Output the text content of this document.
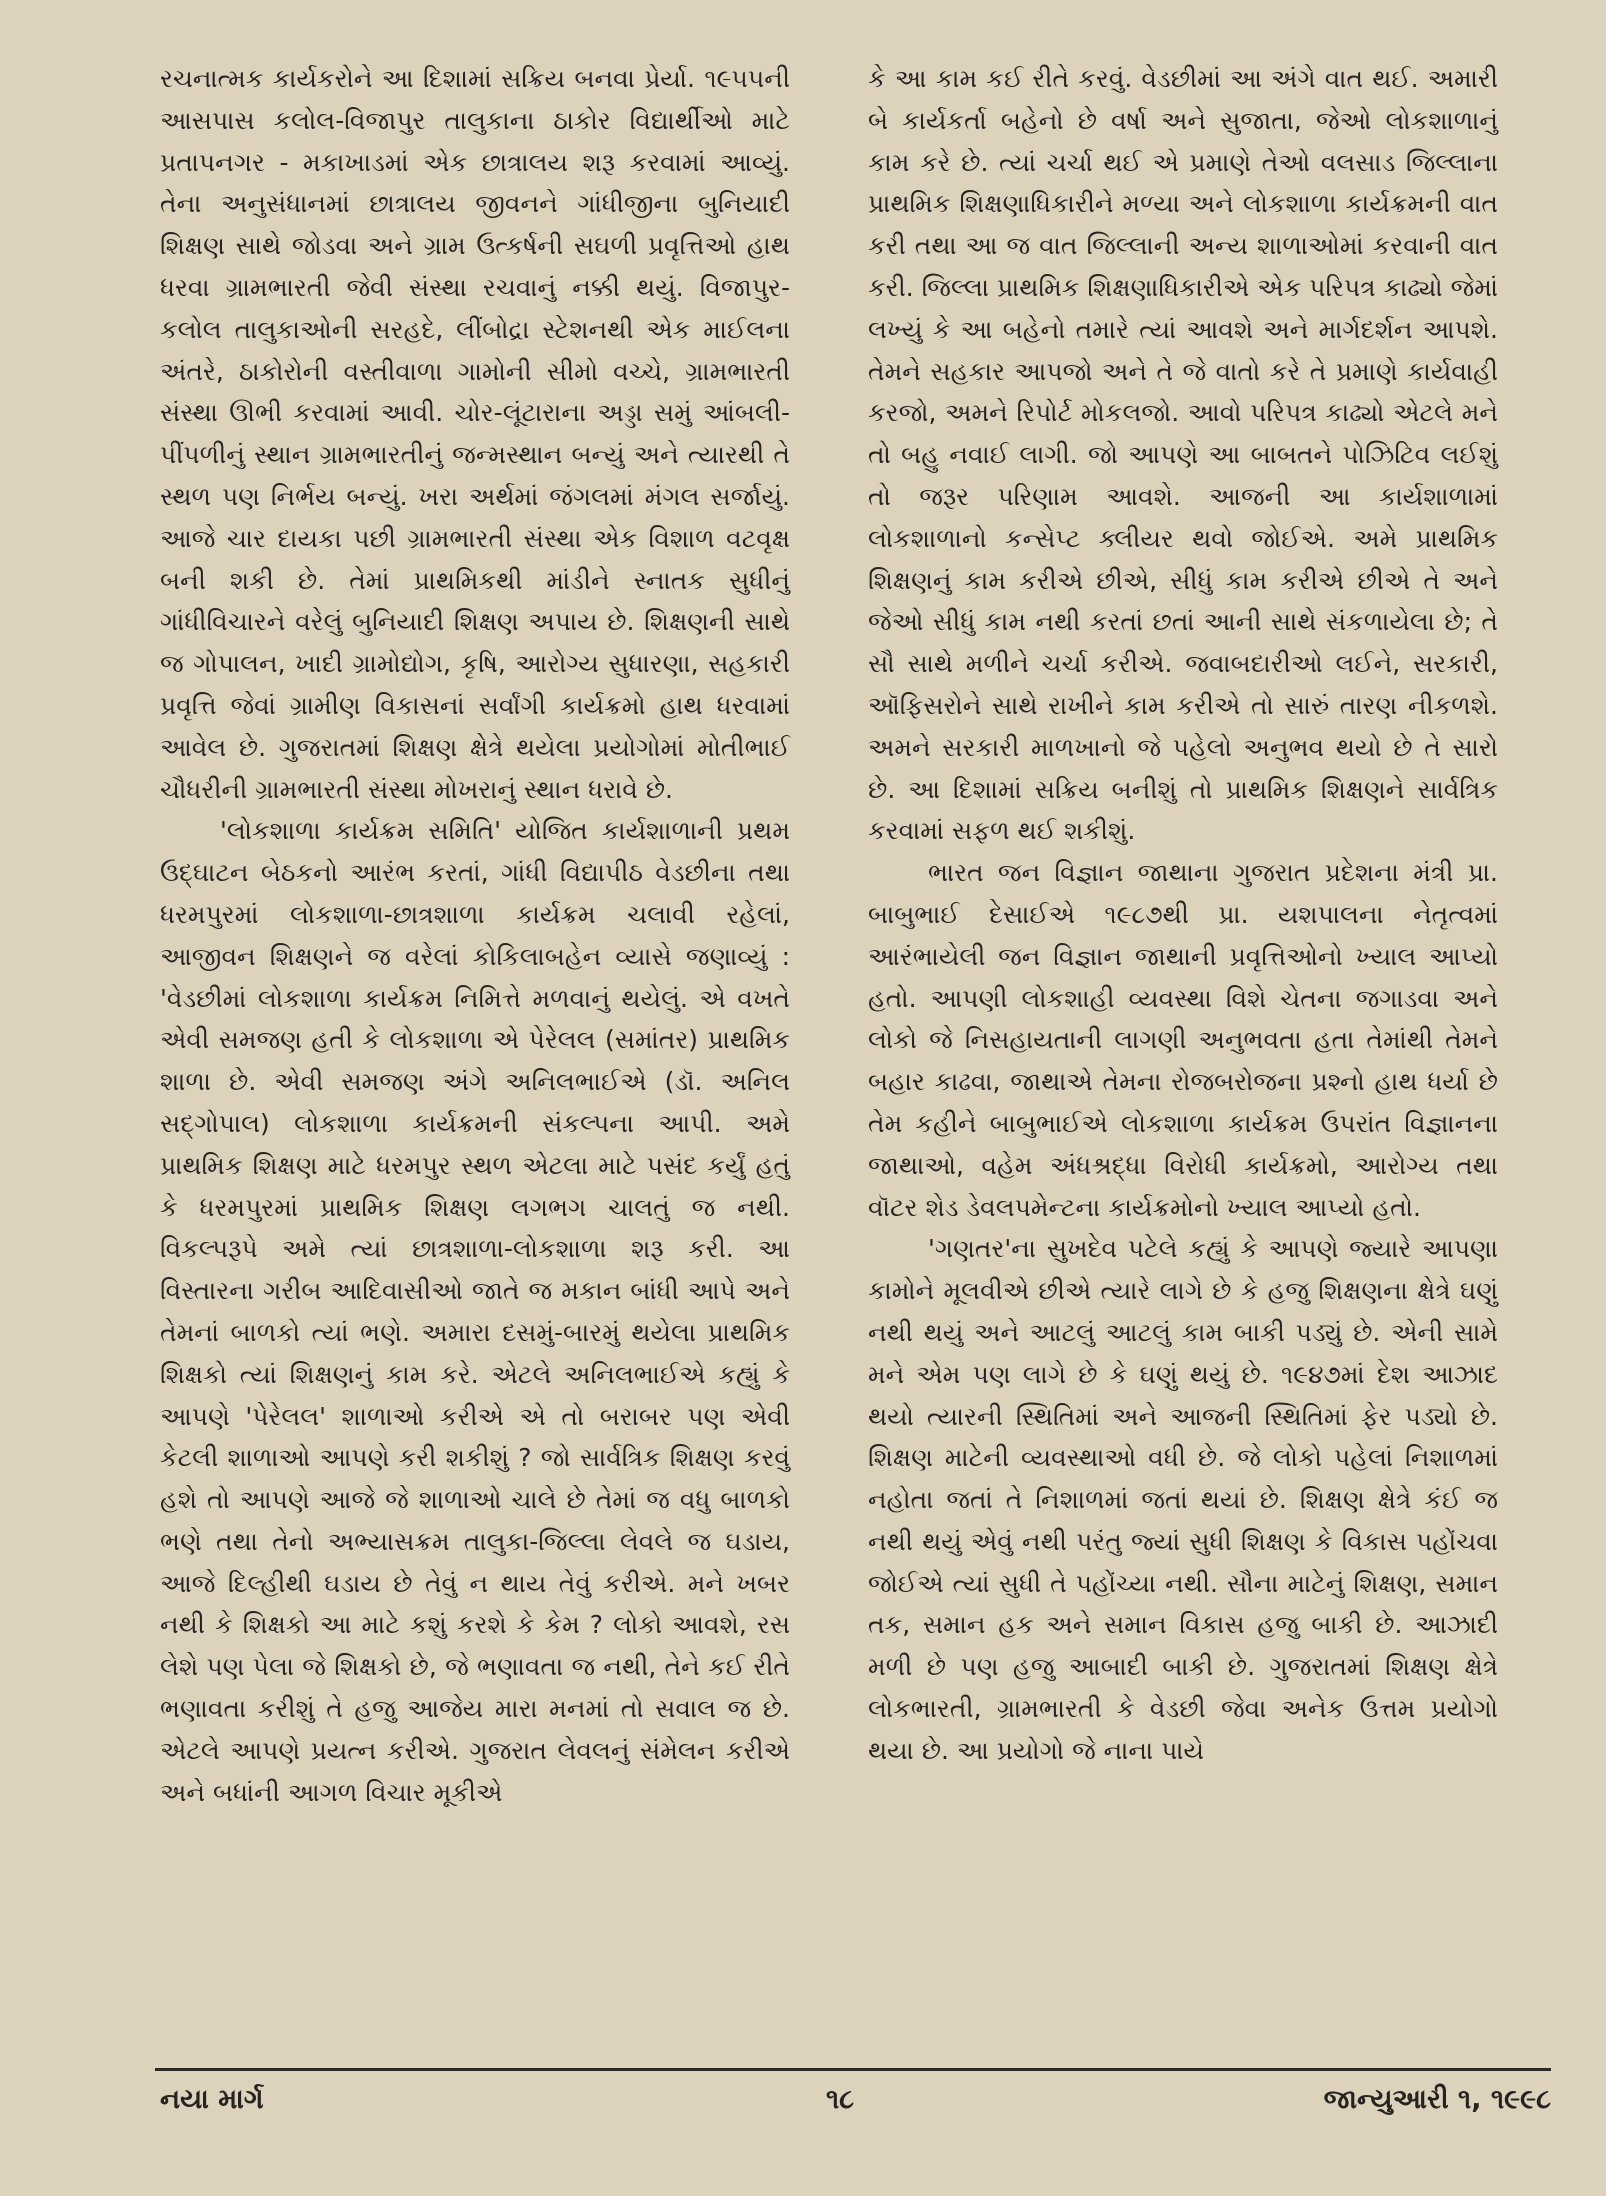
રચનાત્મક કાર્યકરોને આ દિશામાં સક્રિય બનવા પ્રેર્યા. ૧૯૫૫ની આસપાસ કલોલ-વિજાપુર તાલુકાના ઠાકોર વિદ્યાર્થીઓ માટે પ્રતાપનગર - મકાખાડમાં એક છાત્રાલય શરૂ કરવામાં આવ્યું. તેના અનુસંધાનમાં છાત્રાલય જીવનને ગાંધીજીના બુનિયાદી શિક્ષણ સાથે જોડવા અને ગ્રામ ઉત્કર્ષની સઘળી પ્રવૃત્તિઓ હાથ ધરવા ગ્રામભારતી જેવી સંસ્થા રચવાનું નક્કી થયું. વિજાપુર-કલોલ તાલુકાઓની સરહદે, લીંબોદ્રા સ્ટેશનથી એક માઈલના અંતરે, ઠાકોરોની વસ્તીવાળા ગામોની સીમો વચ્ચે, ગ્રામભારતી સંસ્થા ઊભી કરવામાં આવી. ચોર-લૂંટારાના અડ્ડા સમું આંબલી-પીંપળીનું સ્થાન ગ્રામભારતીનું જન્મસ્થાન બન્યું અને ત્યારથી તે સ્થળ પણ નિર્ભય બન્યું. ખરા અર્થમાં જંગલમાં મંગલ સર્જાયું. આજે ચાર દાયકા પછી ગ્રામભારતી સંસ્થા એક વિશાળ વટવૃક્ષ બની શકી છે. તેમાં પ્રાથમિકથી માંડીને સ્નાતક સુધીનું ગાંધીવિચારને વરેલું બુનિયાદી શિક્ષણ અપાય છે. શિક્ષણની સાથે જ ગોપાલન, ખાદી ગ્રામોદ્યોગ, કૃષિ, આરોગ્ય સુધારણા, સહકારી પ્રવૃત્તિ જેવાં ગ્રામીણ વિકાસનાં સર્વાંગી કાર્યક્રમો હાથ ધરવામાં આવેલ છે. ગુજરાતમાં શિક્ષણ ક્ષેત્રે થયેલા પ્રયોગોમાં મોતીભાઈ ચૌધરીની ગ્રામભારતી સંસ્થા મોખરાનું સ્થાન ધરાવે છે.

'લોકશાળા કાર્યક્રમ સમિતિ' યોજિત કાર્યશાળાની પ્રથમ ઉદ્ઘાટન બેઠકનો આરંભ કરતાં, ગાંધી વિદ્યાપીઠ વેડછીના તથા ધરમપુરમાં લોકશાળા-છાત્રશાળા કાર્યક્રમ ચલાવી રહેલાં, આજીવન શિક્ષણને જ વરેલાં કોકિલાબહેન વ્યાસે જણાવ્યું : 'વેડછીમાં લોકશાળા કાર્યક્રમ નિમિત્તે મળવાનું થયેલું. એ વખતે એવી સમજણ હતી કે લોકશાળા એ પેરેલલ (સમાંતર) પ્રાથમિક શાળા છે. એવી સમજણ અંગે અનિલભાઈએ (ડૉ. અનિલ સદ્ગોપાલ) લોકશાળા કાર્યક્રમની સંકલ્પના આપી. અમે પ્રાથમિક શિક્ષણ માટે ધરમપુર સ્થળ એટલા માટે પસંદ કર્યું હતું કે ધરમપુરમાં પ્રાથમિક શિક્ષણ લગભગ ચાલતું જ નથી. વિકલ્પરૂપે અમે ત્યાં છાત્રશાળા-લોકશાળા શરૂ કરી. આ વિસ્તારના ગરીબ આદિવાસીઓ જાતે જ મકાન બાંધી આપે અને તેમનાં બાળકો ત્યાં ભણે. અમારા દસમું-બારમું થયેલા પ્રાથમિક શિક્ષકો ત્યાં શિક્ષણનું કામ કરે. એટલે અનિલભાઈએ કહ્યું કે આપણે 'પેરેલલ' શાળાઓ કરીએ એ તો બરાબર પણ એવી કેટલી શાળાઓ આપણે કરી શકીશું ? જો સાર્વત્રિક શિક્ષણ કરવું હશે તો આપણે આજે જે શાળાઓ ચાલે છે તેમાં જ વધુ બાળકો ભણે તથા તેનો અભ્યાસક્રમ તાલુકા-જિલ્લા લેવલે જ ઘડાય, આજે દિલ્હીથી ઘડાય છે તેવું ન થાય તેવું કરીએ. મને ખબર નથી કે શિક્ષકો આ માટે કશું કરશે કે કેમ ? લોકો આવશે, રસ લેશે પણ પેલા જે શિક્ષકો છે, જે ભણાવતા જ નથી, તેને કઈ રીતે ભણાવતા કરીશું તે હજુ આજેય મારા મનમાં તો સવાલ જ છે. એટલે આપણે પ્રયત્ન કરીએ. ગુજરાત લેવલનું સંમેલન કરીએ અને બધાંની આગળ વિચાર મૂકીએ

કે આ કામ કઈ રીતે કરવું. વેડછીમાં આ અંગે વાત થઈ. અમારી બે કાર્યકર્તા બહેનો છે વર્ષા અને સુજાતા, જેઓ લોકશાળાનું કામ કરે છે. ત્યાં ચર્ચા થઈ એ પ્રમાણે તેઓ વલસાડ જિલ્લાના પ્રાથમિક શિક્ષણાધિકારીને મળ્યા અને લોકશાળા કાર્યક્રમની વાત કરી તથા આ જ વાત જિલ્લાની અન્ય શાળાઓમાં કરવાની વાત કરી. જિલ્લા પ્રાથમિક શિક્ષણાધિકારીએ એક પરિપત્ર કાઢ્યો જેમાં લખ્યું કે આ બહેનો તમારે ત્યાં આવશે અને માર્ગદર્શન આપશે. તેમને સહકાર આપજો અને તે જે વાતો કરે તે પ્રમાણે કાર્યવાહી કરજો, અમને રિપોર્ટ મોકલજો. આવો પરિપત્ર કાઢ્યો એટલે મને તો બહુ નવાઈ લાગી. જો આપણે આ બાબતને પોઝિટિવ લઈશું તો જરૂર પરિણામ આવશે. આજની આ કાર્યશાળામાં લોકશાળાનો કન્સેપ્ટ ક્લીયર થવો જોઈએ. અમે પ્રાથમિક શિક્ષણનું કામ કરીએ છીએ, સીધું કામ કરીએ છીએ તે અને જેઓ સીધું કામ નથી કરતાં છતાં આની સાથે સંકળાયેલા છે; તે સૌ સાથે મળીને ચર્ચા કરીએ. જવાબદારીઓ લઈને, સરકારી, ઑફિસરોને સાથે રાખીને કામ કરીએ તો સારું તારણ નીકળશે. અમને સરકારી માળખાનો જે પહેલો અનુભવ થયો છે તે સારો છે. આ દિશામાં સક્રિય બનીશું તો પ્રાથમિક શિક્ષણને સાર્વત્રિક કરવામાં સફળ થઈ શકીશું.

ભારત જન વિજ્ઞાન જાથાના ગુજરાત પ્રદેશના મંત્રી પ્રા. બાબુભાઈ દેસાઈએ ૧૯૮૭થી પ્રા. યશપાલના નેતૃત્વમાં આરંભાયેલી જન વિજ્ઞાન જાથાની પ્રવૃત્તિઓનો ખ્યાલ આપ્યો હતો. આપણી લોકશાહી વ્યવસ્થા વિશે ચેતના જગાડવા અને લોકો જે નિસહાયતાની લાગણી અનુભવતા હતા તેમાંથી તેમને બહાર કાઢવા, જાથાએ તેમના રોજબરોજના પ્રશ્નો હાથ ધર્યા છે તેમ કહીને બાબુભાઈએ લોકશાળા કાર્યક્રમ ઉપરાંત વિજ્ઞાનના જાથાઓ, વહેમ અંધશ્રદ્ધા વિરોધી કાર્યક્રમો, આરોગ્ય તથા વૉટર શેડ ડેવલપમેન્ટના કાર્યક્રમોનો ખ્યાલ આપ્યો હતો.

'ગણતર'ના સુખદેવ પટેલે કહ્યું કે આપણે જ્યારે આપણા કામોને મૂલવીએ છીએ ત્યારે લાગે છે કે હજુ શિક્ષણના ક્ષેત્રે ઘણું નથી થયું અને આટલું આટલું કામ બાકી પડ્યું છે. એની સામે મને એમ પણ લાગે છે કે ઘણું થયું છે. ૧૯૪૭માં દેશ આઝાદ થયો ત્યારની સ્થિતિમાં અને આજની સ્થિતિમાં ફેર પડ્યો છે. શિક્ષણ માટેની વ્યવસ્થાઓ વધી છે. જે લોકો પહેલાં નિશાળમાં નહોતા જતાં તે નિશાળમાં જતાં થયાં છે. શિક્ષણ ક્ષેત્રે કંઈ જ નથી થયું એવું નથી પરંતુ જ્યાં સુધી શિક્ષણ કે વિકાસ પહોંચવા જોઈએ ત્યાં સુધી તે પહોંચ્યા નથી. સૌના માટેનું શિક્ષણ, સમાન તક, સમાન હક અને સમાન વિકાસ હજુ બાકી છે. આઝાદી મળી છે પણ હજુ આબાદી બાકી છે. ગુજરાતમાં શિક્ષણ ક્ષેત્રે લોકભારતી, ગ્રામભારતી કે વેડછી જેવા અનેક ઉત્તમ પ્રયોગો થયા છે. આ પ્રયોગો જે નાના પાયે

નયા માર્ગ	૧૮	જાન્યુઆરી ૧, ૧૯૯૮
